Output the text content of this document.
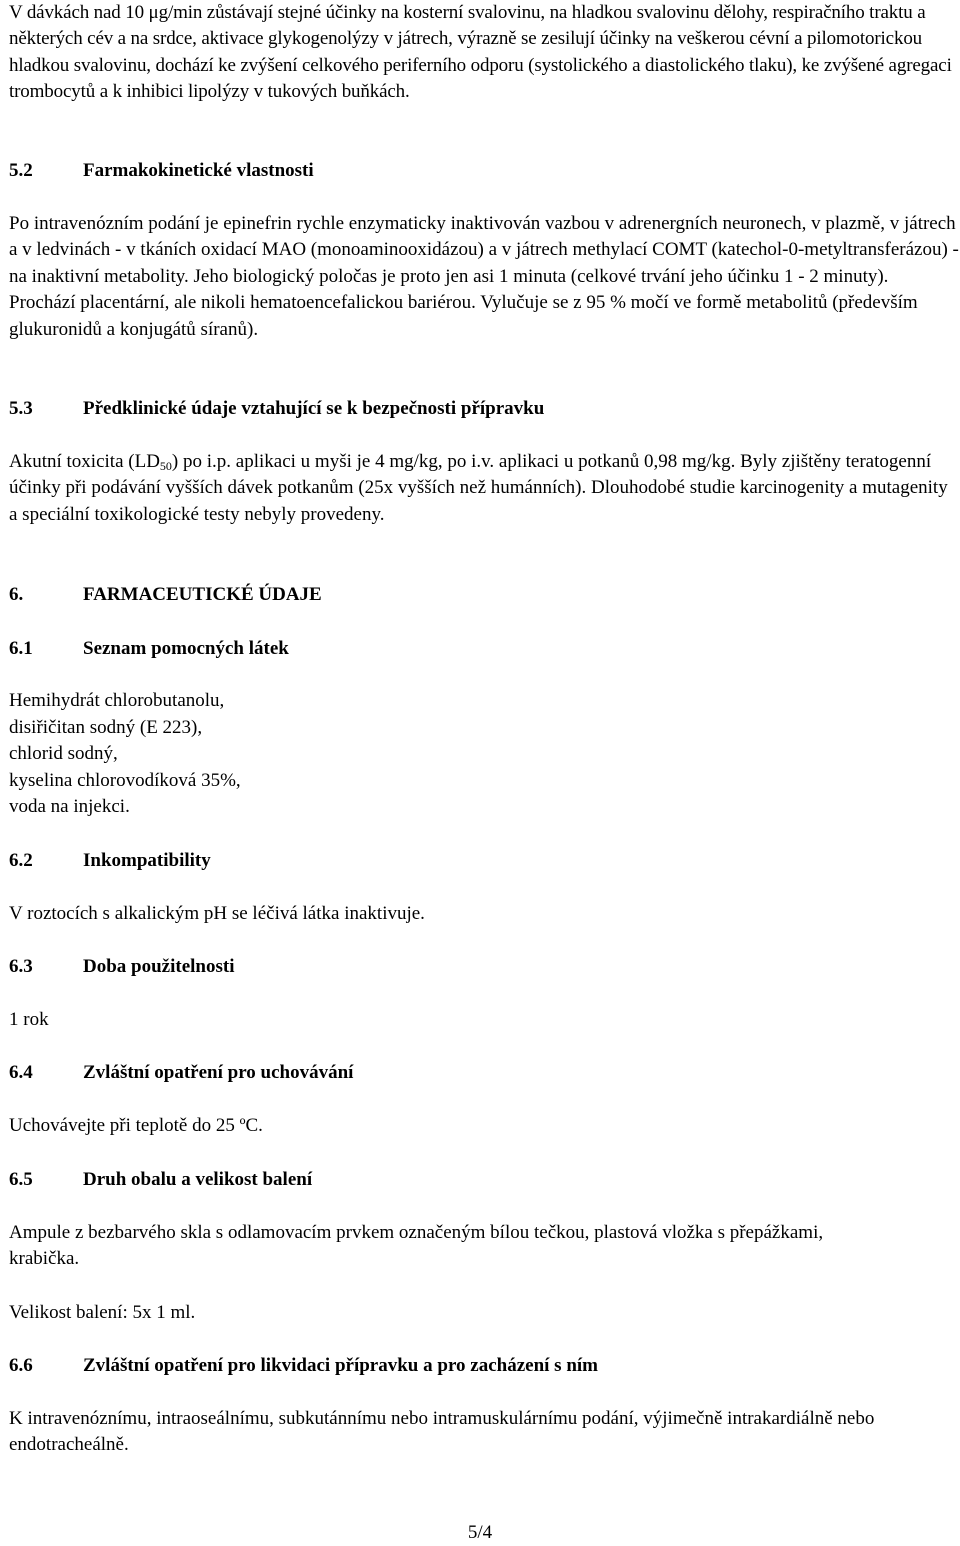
V dávkách nad 10 μg/min zůstávají stejné účinky na kosterní svalovinu, na hladkou svalovinu dělohy, respiračního traktu a některých cév a na srdce, aktivace glykogenolýzy v játrech, výrazně se zesilují účinky na veškerou cévní a pilomotorickou hladkou svalovinu, dochází ke zvýšení celkového periferního odporu (systolického a diastolického tlaku), ke zvýšené agregaci trombocytů a k inhibici lipolýzy v tukových buňkách.

5.2	Farmakokinetické vlastnosti

Po intravenózním podání je epinefrin rychle enzymaticky inaktivován vazbou v adrenergních neuronech, v plazmě, v játrech a v ledvinách - v tkáních oxidací MAO (monoaminooxidázou) a v játrech methylací COMT (katechol-0-metyltransferázou) - na inaktivní metabolity. Jeho biologický poločas je proto jen asi 1 minuta (celkové trvání jeho účinku 1 - 2 minuty). Prochází placentární, ale nikoli hematoencefalickou bariérou. Vylučuje se z 95 % močí ve formě metabolitů (především glukuronidů a konjugátů síranů).

5.3	Předklinické údaje vztahující se k bezpečnosti přípravku

Akutní toxicita $(LD_{50})$ po i.p. aplikaci u myši je 4 mg/kg, po i.v. aplikaci u potkanů 0,98 mg/kg. Byly zjištěny teratogenní účinky při podávání vyšších dávek potkanům (25x vyšších než humánních). Dlouhodobé studie karcinogenity a mutagenity a speciální toxikologické testy nebyly provedeny.

6.	FARMACEUTICKÉ ÚDAJE
6.1	Seznam pomocných látek
Hemihydrát chlorobutanolu,
disiřičitan sodný (E 223),
chlorid sodný,
kyselina chlorovodíková 35%,
voda na injekci.
6.2	Inkompatibility
V roztocích s alkalickým pH se léčivá látka inaktivuje.
6.3	Doba použitelnosti
1 rok
6.4	Zvláštní opatření pro uchovávání
Uchovávejte při teplotě do 25 ºC.
6.5	Druh obalu a velikost balení

Ampule z bezbarvého skla s odlamovacím prvkem označeným bílou tečkou, plastová vložka s přepážkami, krabička.

Velikost balení: 5x 1 ml.
6.6	Zvláštní opatření pro likvidaci přípravku a pro zacházení s ním

K intravenóznímu, intraoseálnímu, subkutánnímu nebo intramuskulárnímu podání, výjimečně intrakardiálně nebo endotracheálně.

5/4
